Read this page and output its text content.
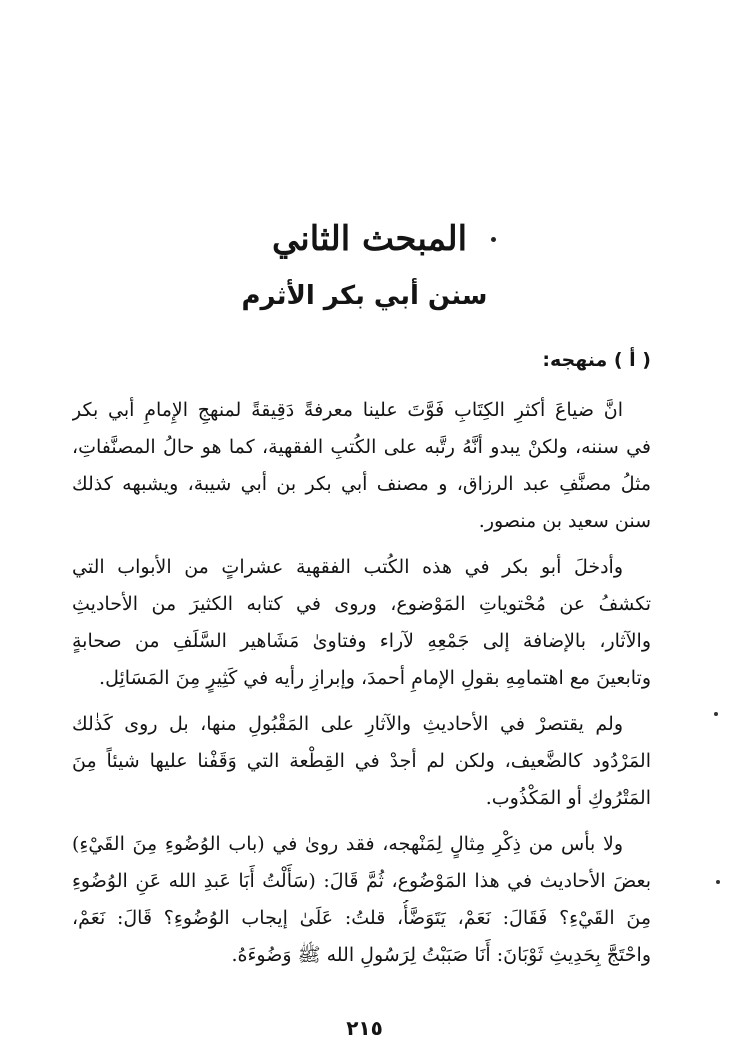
المبحث الثاني
سنن أبي بكر الأثرم
( أ ) منهجه:
انَّ ضياعَ أكثرِ الكِتَابِ فَوَّتَ علينا معرفةً دَقِيقةً لمنهجِ الإِمامِ أبي بكر
في سننه، ولكنْ يبدو أنَّهُ رتَّبه على الكُتبِ الفقهية، كما هو حالُ المصنَّفاتِ،
مثلُ مصنَّفِ عبد الرزاق، و مصنف أبي بكر بن أبي شيبة، ويشبهه كذلك
سنن سعيد بن منصور.
وأدخلَ أبو بكر في هذه الكُتب الفقهية عشراتٍ من الأبواب التي
تكشفُ عن مُحْتوياتِ المَوْضوع، وروى في كتابه الكثيرَ من الأحاديثِ
والآثار، بالإضافة إلى جَمْعِهِ لآراء وفتاوىٰ مَشَاهير السَّلَفِ من صحابةٍ
وتابعينَ مع اهتمامِهِ بقولِ الإمامِ أحمدَ، وإبرازِ رأيه في كَثِيرٍ مِنَ المَسَائِل.
ولم يقتصرْ في الأحاديثِ والآثارِ على المَقْبُولِ منها، بل روى كَذٰلك
المَرْدُود كالضَّعيف، ولكن لم أجدْ في القِطْعة التي وَقَفْنا عليها شيئاً مِنَ
المَتْرُوكِ أو المَكْذُوب.
ولا بأس من ذِكْرِ مِثالٍ لِمَنْهجه، فقد روىٰ في (باب الوُضُوءِ مِنَ القَيْءِ)
بعضَ الأحاديث في هذا المَوْضُوع، ثُمَّ قَالَ: (سَأَلْتُ أَبَا عَبدِ الله عَنِ الوُضُوءِ
مِنَ القَيْءِ؟ فَقَالَ: نَعَمْ، يَتَوَضَّأُ، قلتُ: عَلَىٰ إيجاب الوُضُوءِ؟ قَالَ: نَعَمْ،
واحْتَجَّ بِحَدِيثِ ثَوْبَانَ: أَنَا صَبَبْتُ لِرَسُولِ الله ﷺ وَضُوءَهُ.
٢١٥
